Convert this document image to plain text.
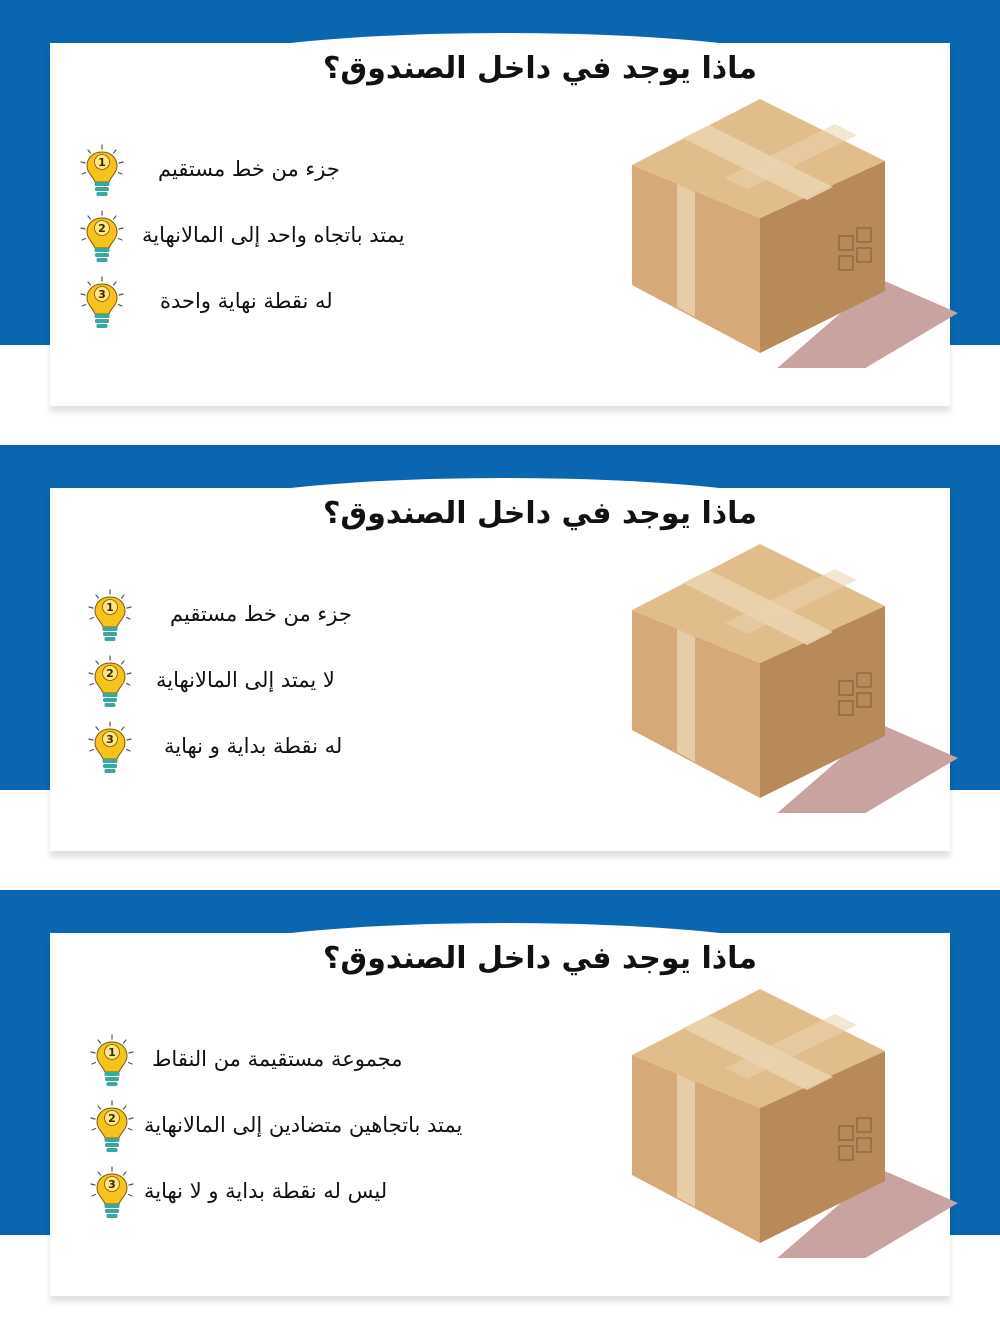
ماذا يوجد في داخل الصندوق؟
1 جزء من خط مستقيم
2 يمتد باتجاه واحد إلى المالانهاية
3	له نقطة نهاية واحدة
ماذا يوجد في داخل الصندوق؟
1	جزء من خط مستقيم
2 لا يمتد إلى المالانهاية
3 له نقطة بداية و نهاية
ماذا يوجد في داخل الصندوق؟
1 مجموعة مستقيمة من النقاط
2 يمتد باتجاهين متضادين إلى المالانهاية
3 ليس له نقطة بداية و لا نهاية
